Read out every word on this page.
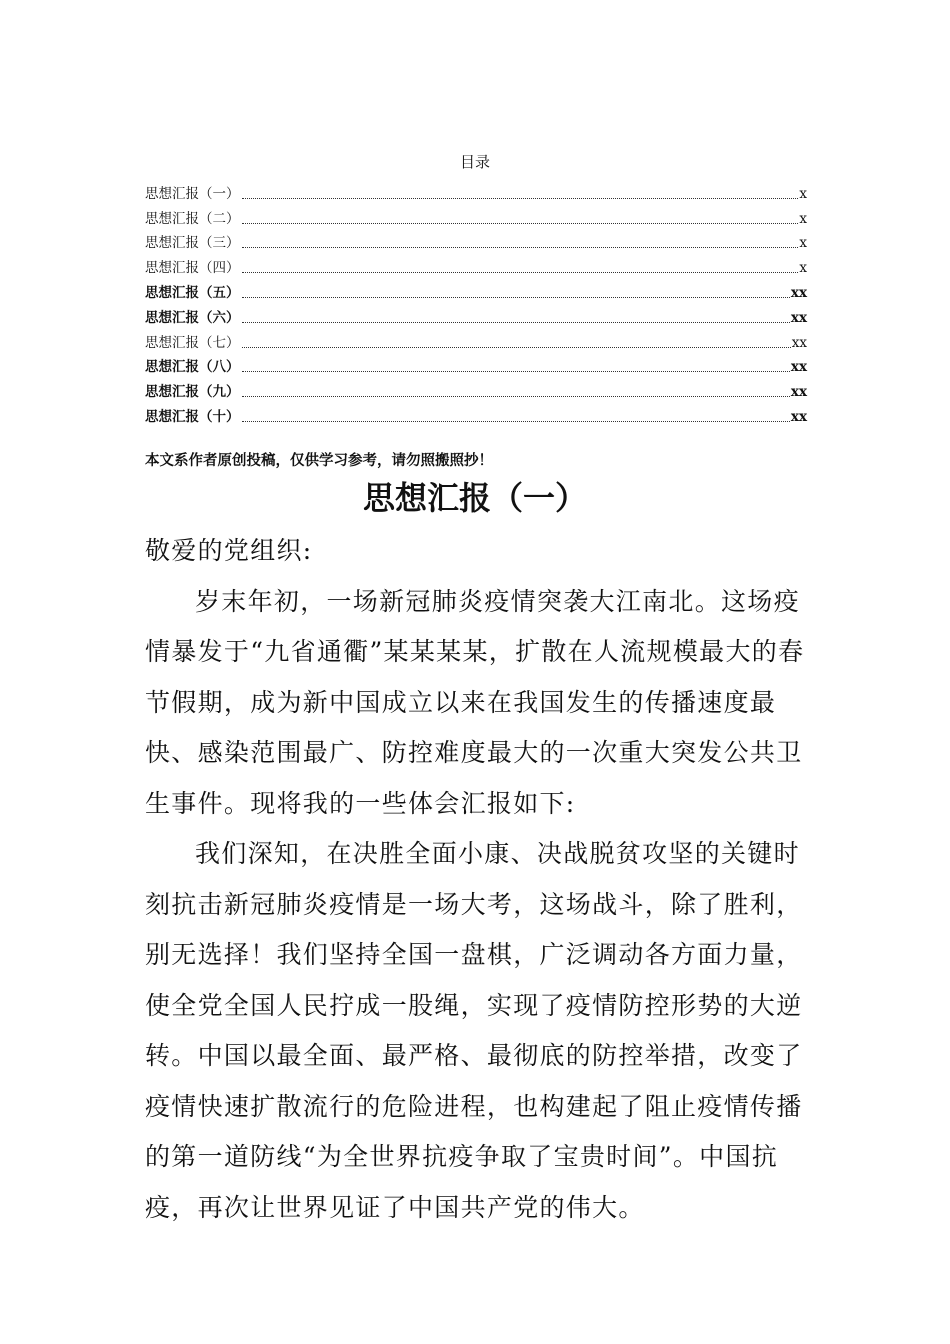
目录
思想汇报（一）	x
思想汇报（二）	x
思想汇报（三）	x
思想汇报（四）	x
思想汇报（五）	xx
思想汇报（六）	xx
思想汇报（七）	xx
思想汇报（八）	xx
思想汇报（九）	xx
思想汇报（十）	xx
本文系作者原创投稿，仅供学习参考，请勿照搬照抄！
思想汇报（一）

敬爱的党组织:

岁末年初，一场新冠肺炎疫情突袭大江南北。这场疫情暴发于“九省通衢”某某某某，扩散在人流规模最大的春节假期，成为新中国成立以来在我国发生的传播速度最快、感染范围最广、防控难度最大的一次重大突发公共卫生事件。现将我的一些体会汇报如下:

我们深知，在决胜全面小康、决战脱贫攻坚的关键时刻抗击新冠肺炎疫情是一场大考，这场战斗，除了胜利，别无选择！我们坚持全国一盘棋，广泛调动各方面力量，使全党全国人民拧成一股绳，实现了疫情防控形势的大逆转。中国以最全面、最严格、最彻底的防控举措，改变了疫情快速扩散流行的危险进程，也构建起了阻止疫情传播的第一道防线“为全世界抗疫争取了宝贵时间”。中国抗疫，再次让世界见证了中国共产党的伟大。
